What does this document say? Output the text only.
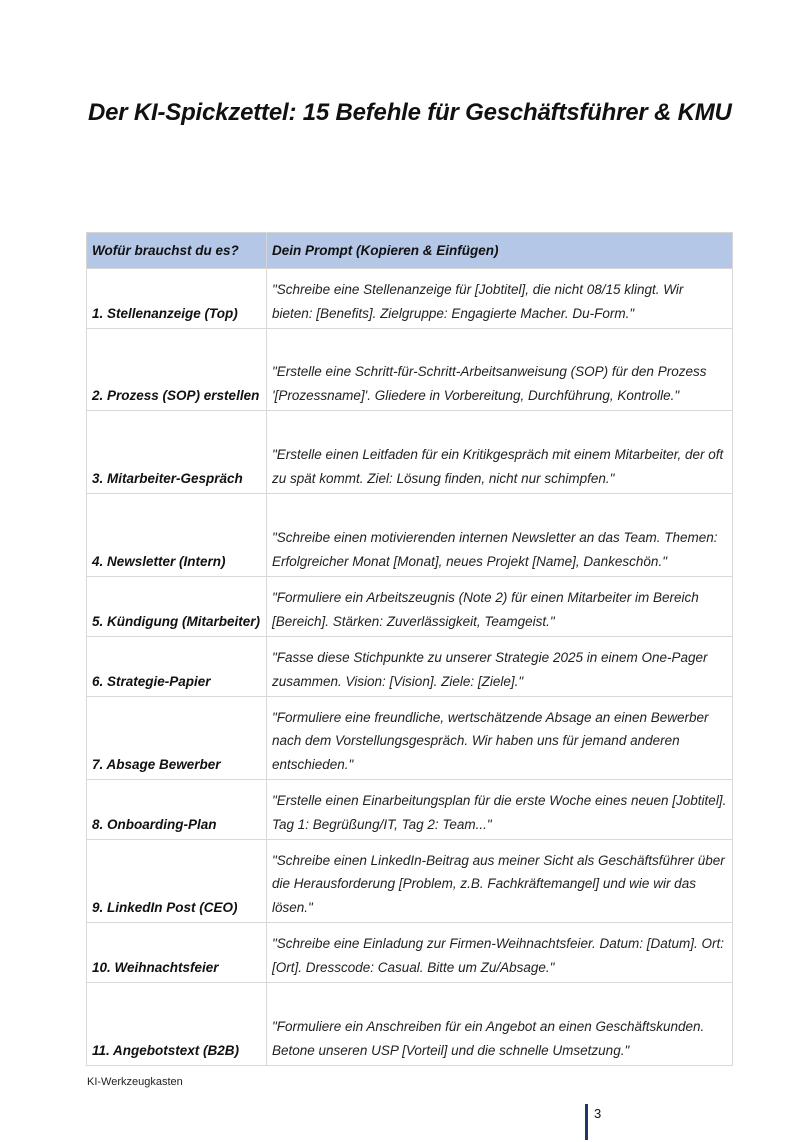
Der KI-Spickzettel: 15 Befehle für Geschäftsführer & KMU
Wofür brauchst du es?	Dein Prompt (Kopieren & Einfügen)
1. Stellenanzeige (Top)	"Schreibe eine Stellenanzeige für [Jobtitel], die nicht 08/15 klingt. Wir bieten: [Benefits]. Zielgruppe: Engagierte Macher. Du-Form."
2. Prozess (SOP) erstellen	"Erstelle eine Schritt-für-Schritt-Arbeitsanweisung (SOP) für den Prozess '[Prozessname]'. Gliedere in Vorbereitung, Durchführung, Kontrolle."
3. Mitarbeiter-Gespräch	"Erstelle einen Leitfaden für ein Kritikgespräch mit einem Mitarbeiter, der oft zu spät kommt. Ziel: Lösung finden, nicht nur schimpfen."
4. Newsletter (Intern)	"Schreibe einen motivierenden internen Newsletter an das Team. Themen: Erfolgreicher Monat [Monat], neues Projekt [Name], Dankeschön."
5. Kündigung (Mitarbeiter)	"Formuliere ein Arbeitszeugnis (Note 2) für einen Mitarbeiter im Bereich [Bereich]. Stärken: Zuverlässigkeit, Teamgeist."
6. Strategie-Papier	"Fasse diese Stichpunkte zu unserer Strategie 2025 in einem One-Pager zusammen. Vision: [Vision]. Ziele: [Ziele]."
7. Absage Bewerber	"Formuliere eine freundliche, wertschätzende Absage an einen Bewerber nach dem Vorstellungsgespräch. Wir haben uns für jemand anderen entschieden."
8. Onboarding-Plan	"Erstelle einen Einarbeitungsplan für die erste Woche eines neuen [Jobtitel]. Tag 1: Begrüßung/IT, Tag 2: Team..."
9. LinkedIn Post (CEO)	"Schreibe einen LinkedIn-Beitrag aus meiner Sicht als Geschäftsführer über die Herausforderung [Problem, z.B. Fachkräftemangel] und wie wir das lösen."
10. Weihnachtsfeier	"Schreibe eine Einladung zur Firmen-Weihnachtsfeier. Datum: [Datum]. Ort: [Ort]. Dresscode: Casual. Bitte um Zu/Absage."
11. Angebotstext (B2B)	"Formuliere ein Anschreiben für ein Angebot an einen Geschäftskunden. Betone unseren USP [Vorteil] und die schnelle Umsetzung."
KI-Werkzeugkasten
3
